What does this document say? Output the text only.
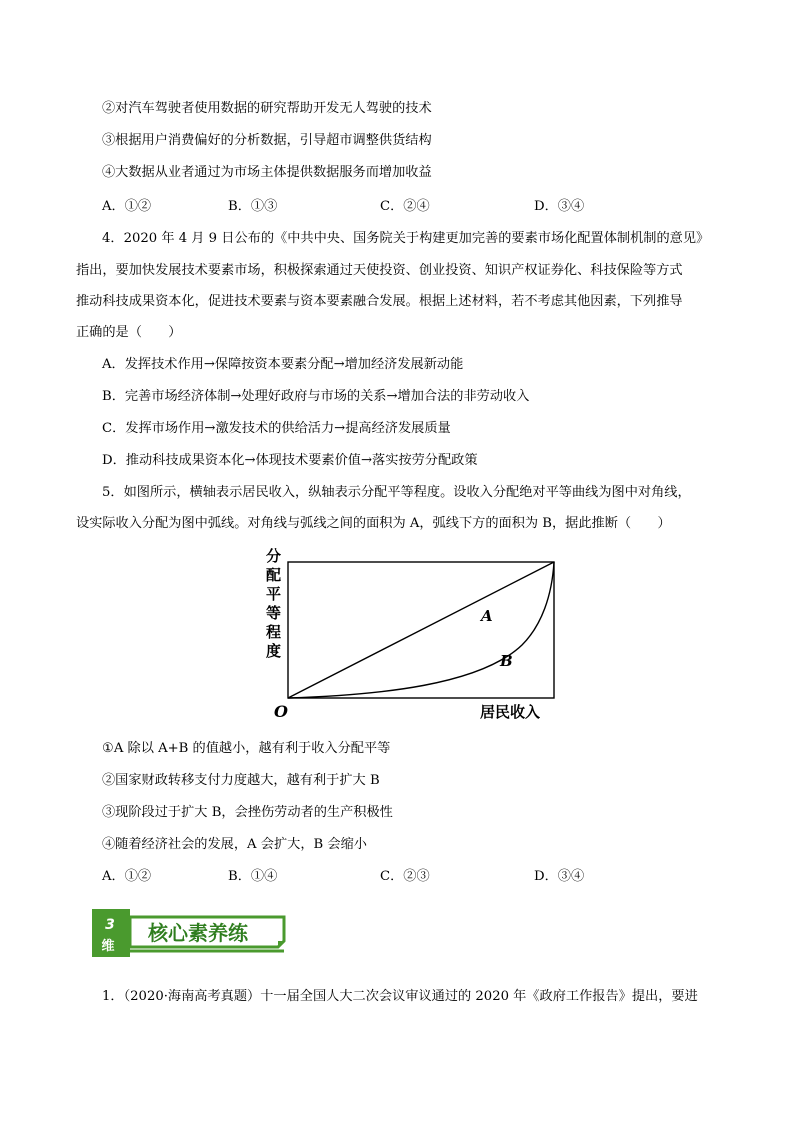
②对汽车驾驶者使用数据的研究帮助开发无人驾驶的技术
③根据用户消费偏好的分析数据，引导超市调整供货结构
④大数据从业者通过为市场主体提供数据服务而增加收益
A．①②	B．①③	C．②④	D．③④
4．2020 年 4 月 9 日公布的《中共中央、国务院关于构建更加完善的要素市场化配置体制机制的意见》
指出，要加快发展技术要素市场，积极探索通过天使投资、创业投资、知识产权证券化、科技保险等方式
推动科技成果资本化，促进技术要素与资本要素融合发展。根据上述材料，若不考虑其他因素，下列推导
正确的是（　　）
A．发挥技术作用→保障按资本要素分配→增加经济发展新动能
B．完善市场经济体制→处理好政府与市场的关系→增加合法的非劳动收入
C．发挥市场作用→激发技术的供给活力→提高经济发展质量
D．推动科技成果资本化→体现技术要素价值→落实按劳分配政策
5．如图所示，横轴表示居民收入，纵轴表示分配平等程度。设收入分配绝对平等曲线为图中对角线，
设实际收入分配为图中弧线。对角线与弧线之间的面积为 A，弧线下方的面积为 B，据此推断（　　）
A
B
O	居民收入
分配平等程度
①A 除以 A+B 的值越小，越有利于收入分配平等
②国家财政转移支付力度越大，越有利于扩大 B
③现阶段过于扩大 B，会挫伤劳动者的生产积极性
④随着经济社会的发展，A 会扩大，B 会缩小
A．①②	B．①④	C．②③	D．③④
3
维
核心素养练
1．（2020·海南高考真题）十一届全国人大二次会议审议通过的 2020 年《政府工作报告》提出，要进
